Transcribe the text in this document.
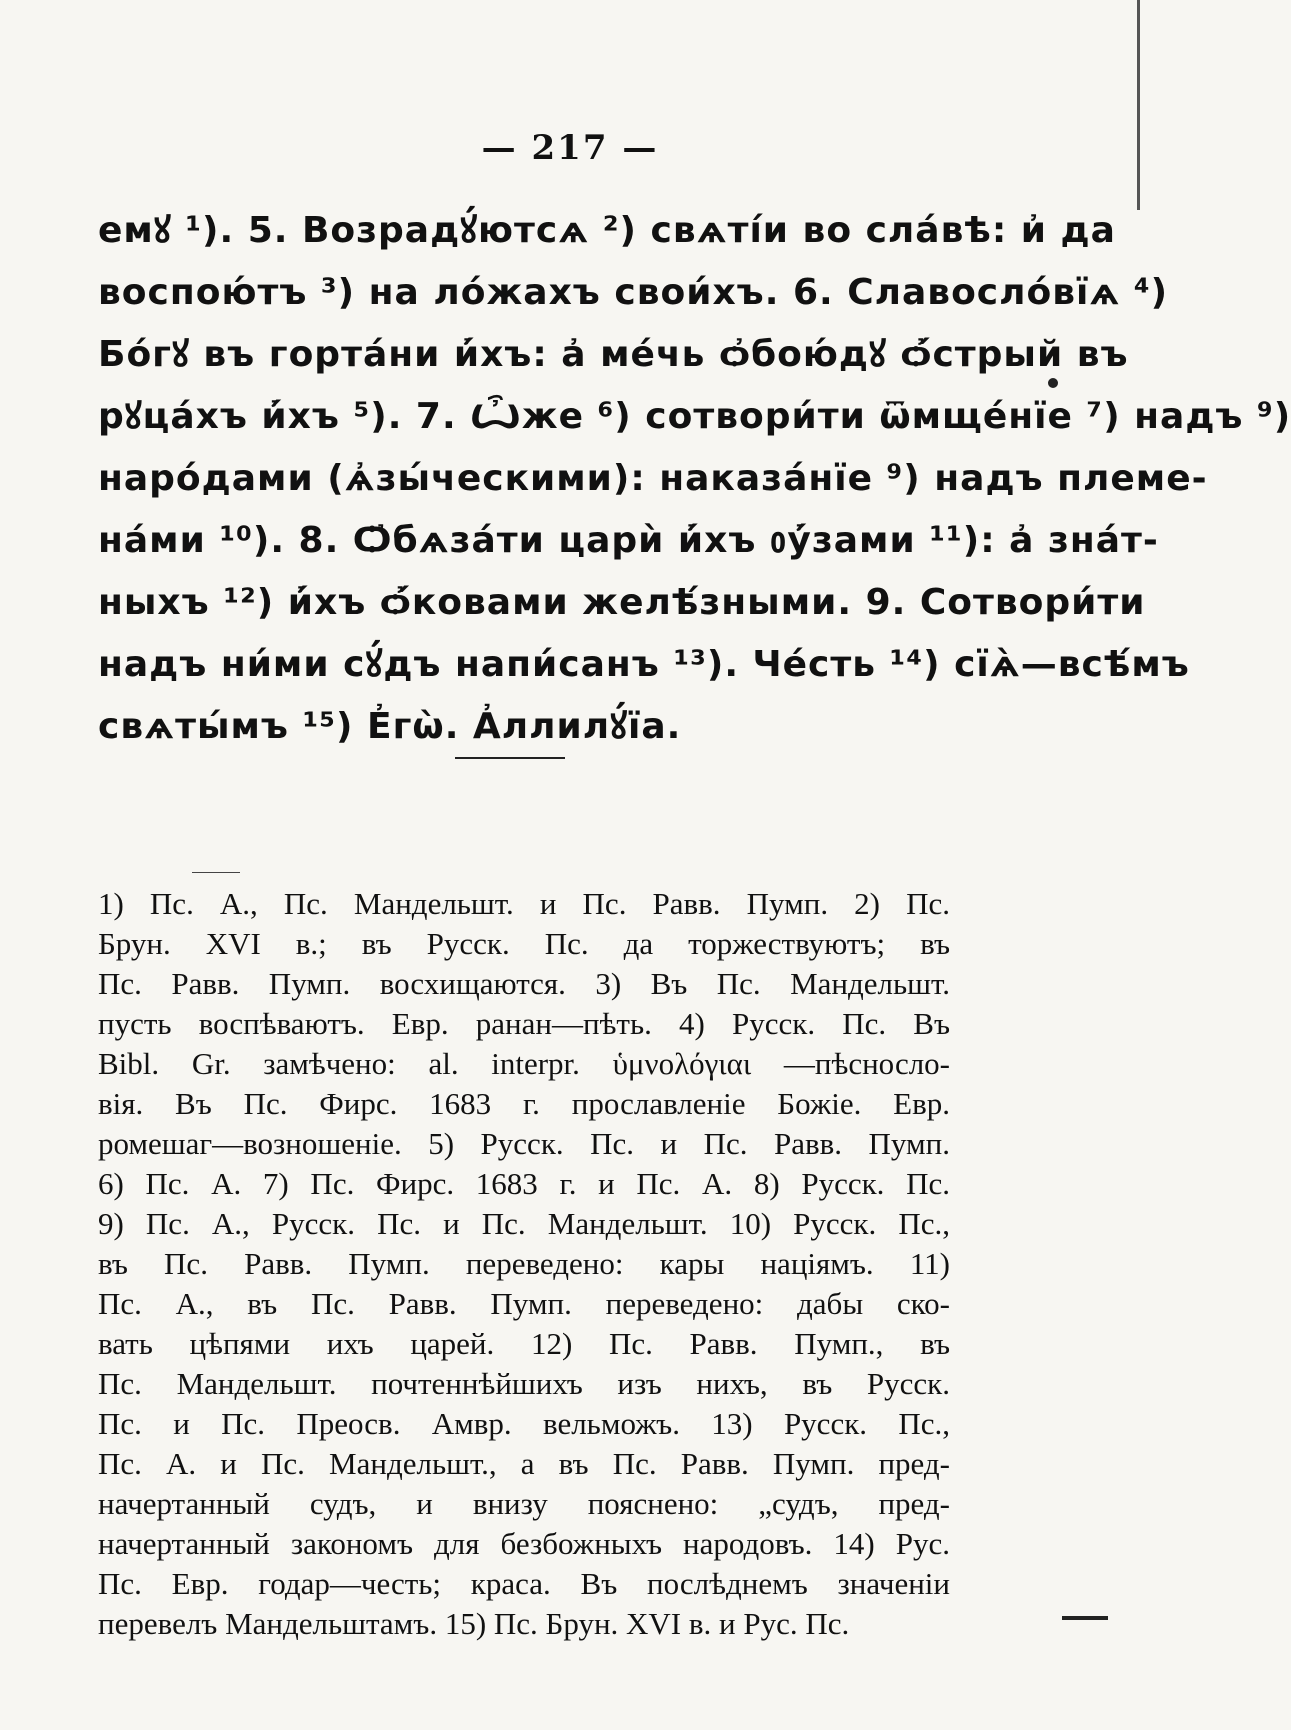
— 217 —
емꙋ ¹). 5. Возрадꙋ́ютсѧ ²) свѧті́и во сла́вѣ: и҆ да
воспою́тъ ³) на ло́жахъ свои́хъ. 6. Славосло́вїѧ ⁴)
Бо́гꙋ въ горта́ни и҆́хъ: а҆ ме́чь ѻ҆бою́дꙋ ѻ҆́стрый въ
рꙋца́хъ и҆́хъ ⁵). 7. Ѽже ⁶) сотвори́ти ѿмще́нїе ⁷) надъ ⁹)
наро́дами (ѧ҆зы́ческими): наказа́нїе ⁹) надъ племе-
на́ми ¹⁰). 8. Ѻ҆бѧза́ти царѝ и҆́хъ ᲂу҆́зами ¹¹): а҆ зна́т-
ныхъ ¹²) и҆́хъ ѻ҆́ковами желѣ́зными. 9. Сотвори́ти
надъ ни́ми сꙋ́дъ напи́санъ ¹³). Че́сть ¹⁴) сїѧ̀—всѣ́мъ
свѧты́мъ ¹⁵) Е҆гѡ̀. А҆ллилꙋ́їа.
1) Пс. А., Пс. Мандельшт. и Пс. Равв. Пумп. 2) Пс.
Брун. XVI в.; въ Русск. Пс. да торжествуютъ; въ
Пс. Равв. Пумп. восхищаются. 3) Въ Пс. Мандельшт.
пусть воспѣваютъ. Евр. ранан—пѣть. 4) Русск. Пс. Въ
Bibl. Gr. замѣчено: al. interpr. ὑμνολόγιαι —пѣснослo-
вія. Въ Пс. Фирс. 1683 г. прославленіе Божіе. Евр.
ромешаг—возношеніе. 5) Русск. Пс. и Пс. Равв. Пумп.
6) Пс. А. 7) Пс. Фирс. 1683 г. и Пс. А. 8) Русск. Пс.
9) Пс. А., Русск. Пс. и Пс. Мандельшт. 10) Русск. Пс.,
въ Пс. Равв. Пумп. переведено: кары націямъ. 11)
Пс. А., въ Пс. Равв. Пумп. переведено: дабы ско-
вать цѣпями ихъ царей. 12) Пс. Равв. Пумп., въ
Пс. Мандельшт. почтеннѣйшихъ изъ нихъ, въ Русск.
Пс. и Пс. Преосв. Амвр. вельможъ. 13) Русск. Пс.,
Пс. А. и Пс. Мандельшт., а въ Пс. Равв. Пумп. пред-
начертанный судъ, и внизу пояснено: „судъ, пред-
начертанный закономъ для безбожныхъ народовъ. 14) Рус.
Пс. Евр. годар—честь; краса. Въ послѣднемъ значеніи
перевелъ Мандельштамъ. 15) Пс. Брун. XVI в. и Рус. Пс.
